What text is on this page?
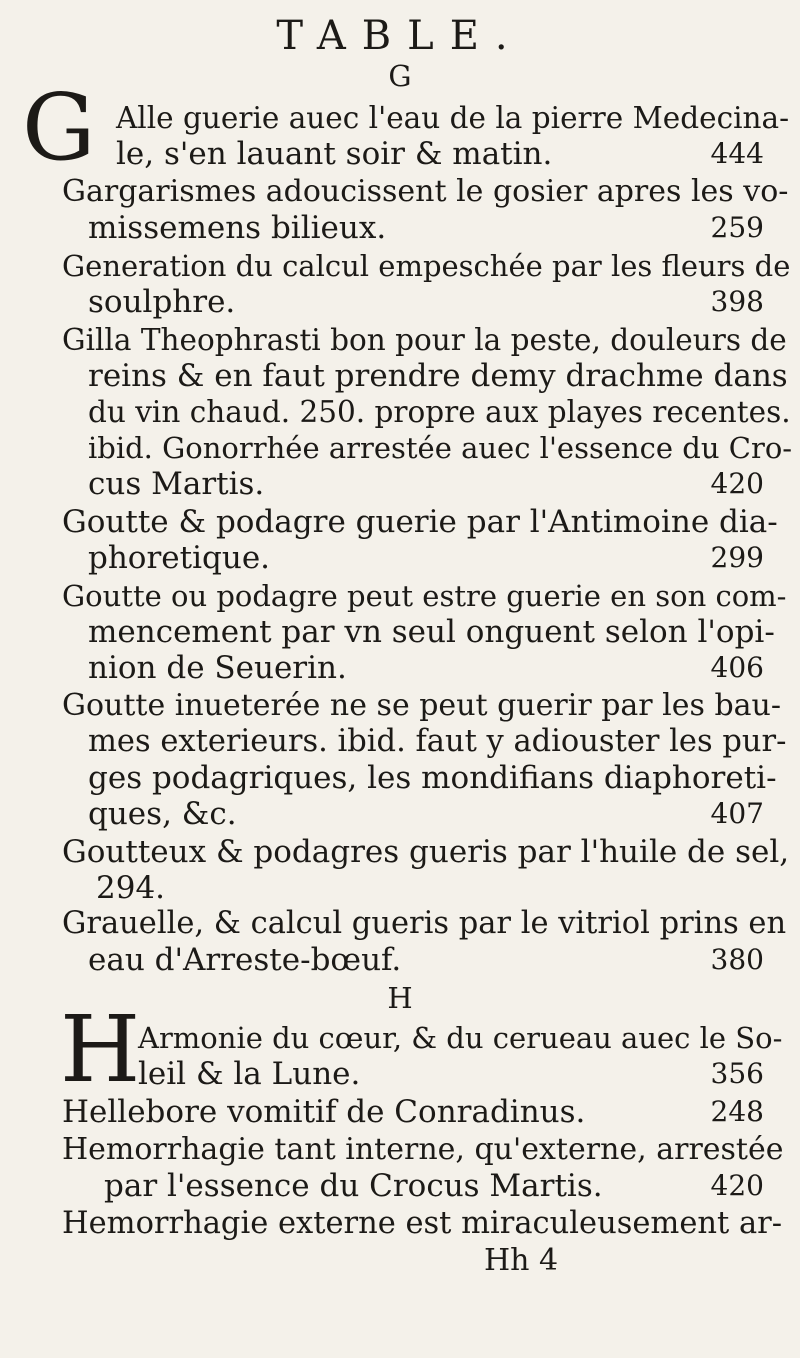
TABLE.
G
G Alle guerie auec l'eau de la pierre Medecina-
le, s'en lauant soir & matin.	444
Gargarismes adoucissent le gosier apres les vo-
missemens bilieux.	259
Generation du calcul empeschée par les fleurs de
soulphre.	398
Gilla Theophrasti bon pour la peste, douleurs de
reins & en faut prendre demy drachme dans
du vin chaud. 250. propre aux playes recentes.
ibid. Gonorrhée arrestée auec l'essence du Cro-
cus Martis.	420
Goutte & podagre guerie par l'Antimoine dia-
phoretique.	299
Goutte ou podagre peut estre guerie en son com-
mencement par vn seul onguent selon l'opi-
nion de Seuerin.	406
Goutte inueterée ne se peut guerir par les bau-
mes exterieurs. ibid. faut y adiouster les pur-
ges podagriques, les mondifians diaphoreti-
ques, &c.	407
Goutteux & podagres gueris par l'huile de sel,
294.
Grauelle, & calcul gueris par le vitriol prins en
eau d'Arreste-bœuf.	380
H
H
Armonie du cœur, & du cerueau auec le So-
leil & la Lune.	356
Hellebore vomitif de Conradinus.	248
Hemorrhagie tant interne, qu'externe, arrestée
par l'essence du Crocus Martis.	420
Hemorrhagie externe est miraculeusement ar-
Hh 4
